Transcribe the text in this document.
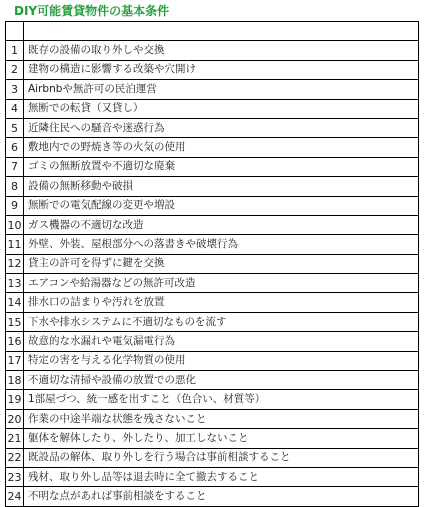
DIY可能賃貸物件の基本条件

1	既存の設備の取り外しや交換
2	建物の構造に影響する改築や穴開け
3	Airbnbや無許可の民泊運営
4	無断での転貸（又貸し）
5	近隣住民への騒音や迷惑行為
6	敷地内での野焼き等の火気の使用
7	ゴミの無断放置や不適切な廃棄
8	設備の無断移動や破損
9	無断での電気配線の変更や増設
10	ガス機器の不適切な改造
11	外壁、外装、屋根部分への落書きや破壊行為
12	貸主の許可を得ずに鍵を交換
13	エアコンや給湯器などの無許可改造
14	排水口の詰まりや汚れを放置
15	下水や排水システムに不適切なものを流す
16	故意的な水漏れや電気漏電行為
17	特定の害を与える化学物質の使用
18	不適切な清掃や設備の放置での悪化
19	1部屋づつ、統一感を出すこと（色合い、材質等）
20	作業の中途半端な状態を残さないこと
21	躯体を解体したり、外したり、加工しないこと
22	既設品の解体、取り外しを行う場合は事前相談すること
23	残材、取り外し品等は退去時に全て撤去すること
24	不明な点があれば事前相談をすること
